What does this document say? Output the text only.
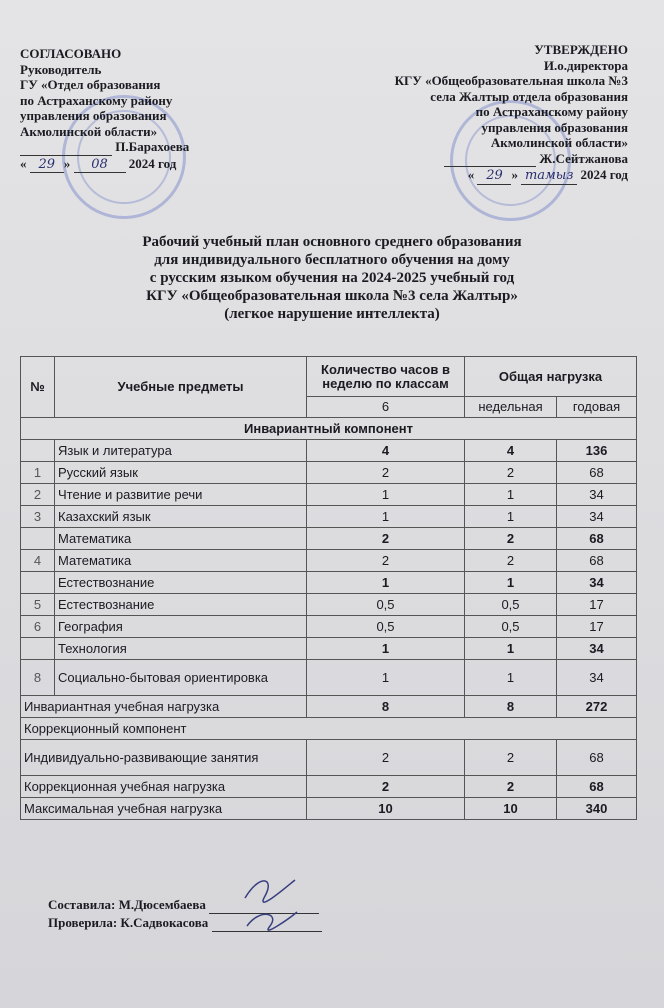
СОГЛАСОВАНО
Руководитель
ГУ «Отдел образования
по Астраханскому району
управления образования
Акмолинской области»
П.Барахоева
« 29 » 08 2024 год
УТВЕРЖДЕНО
И.о.директора
КГУ «Общеобразовательная школа №3
села Жалтыр отдела образования
по Астраханскому району
управления образования
Акмолинской области»
Ж.Сейтжанова
« 29 » тамыз 2024 год
Рабочий учебный план основного среднего образования
для индивидуального бесплатного обучения на дому
с русским языком обучения на 2024-2025 учебный год
КГУ «Общеобразовательная школа №3 села Жалтыр»
(легкое нарушение интеллекта)
№	Учебные предметы	Количество часов в неделю по классам	Общая нагрузка	
		6	недельная	годовая
Инвариантный компонент				
	Язык и литература	4	4	136
1	Русский язык	2	2	68
2	Чтение и развитие речи	1	1	34
3	Казахский язык	1	1	34
	Математика	2	2	68
4	Математика	2	2	68
	Естествознание	1	1	34
5	Естествознание	0,5	0,5	17
6	География	0,5	0,5	17
	Технология	1	1	34
8	Социально-бытовая ориентировка	1	1	34
Инвариантная учебная нагрузка		8	8	272
Коррекционный компонент				
Индивидуально-развивающие занятия		2	2	68
Коррекционная учебная нагрузка		2	2	68
Максимальная учебная нагрузка		10	10	340
Составила: М.Дюсембаева
Проверила: К.Садвокасова
